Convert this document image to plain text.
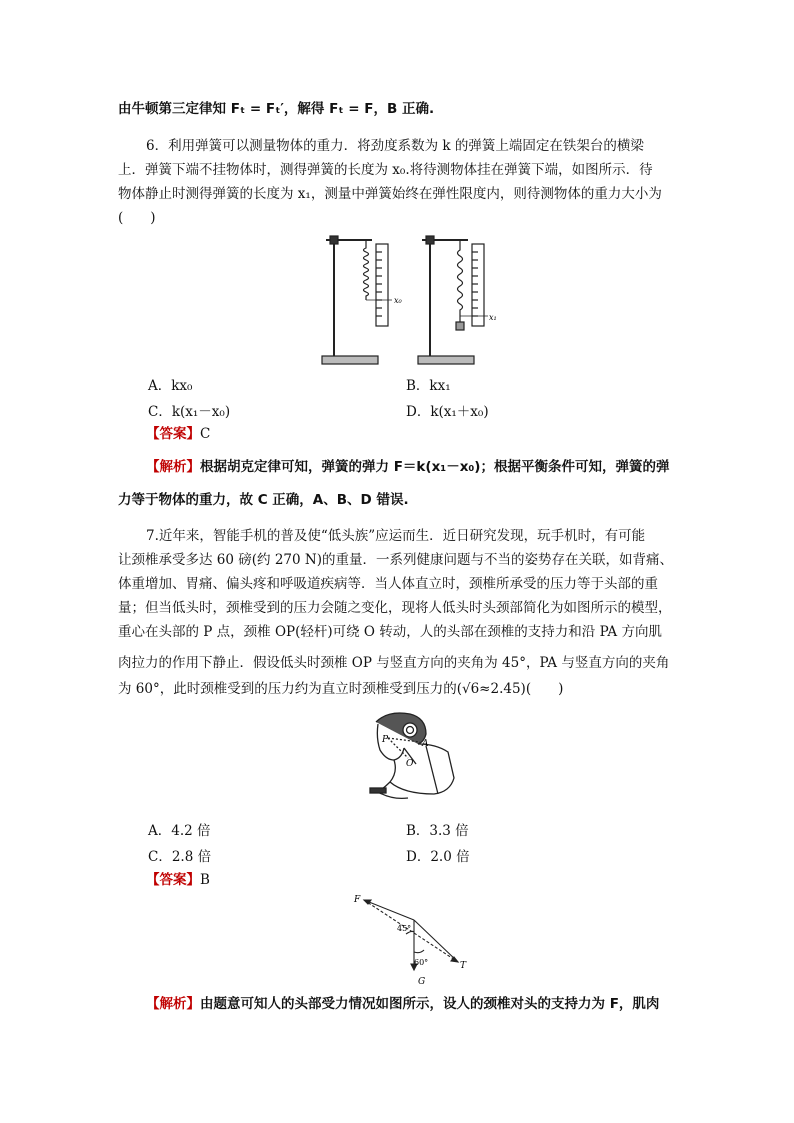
由牛顿第三定律知 Fₜ = Fₜ′，解得 Fₜ = F，B 正确.
6．利用弹簧可以测量物体的重力．将劲度系数为 k 的弹簧上端固定在铁架台的横梁
上．弹簧下端不挂物体时，测得弹簧的长度为 x₀.将待测物体挂在弹簧下端，如图所示．待
物体静止时测得弹簧的长度为 x₁，测量中弹簧始终在弹性限度内，则待测物体的重力大小为
(　　)
x₀
x₁
A．kx₀	B．kx₁
C．k(x₁－x₀)	D．k(x₁＋x₀)
【答案】C
【解析】根据胡克定律可知，弹簧的弹力 F＝k(x₁－x₀)；根据平衡条件可知，弹簧的弹
力等于物体的重力，故 C 正确，A、B、D 错误.
7.近年来，智能手机的普及使“低头族”应运而生．近日研究发现，玩手机时，有可能
让颈椎承受多达 60 磅(约 270 N)的重量．一系列健康问题与不当的姿势存在关联，如背痛、
体重增加、胃痛、偏头疼和呼吸道疾病等．当人体直立时，颈椎所承受的压力等于头部的重
量；但当低头时，颈椎受到的压力会随之变化，现将人低头时头颈部简化为如图所示的模型，
重心在头部的 P 点，颈椎 OP(轻杆)可绕 O 转动，人的头部在颈椎的支持力和沿 PA 方向肌
肉拉力的作用下静止．假设低头时颈椎 OP 与竖直方向的夹角为 45°，PA 与竖直方向的夹角
为 60°，此时颈椎受到的压力约为直立时颈椎受到压力的(√6≈2.45)(　　)
P
O
A
A．4.2 倍	B．3.3 倍
C．2.8 倍	D．2.0 倍
【答案】B
F
T
G
45°
60°
【解析】由题意可知人的头部受力情况如图所示，设人的颈椎对头的支持力为 F，肌肉
